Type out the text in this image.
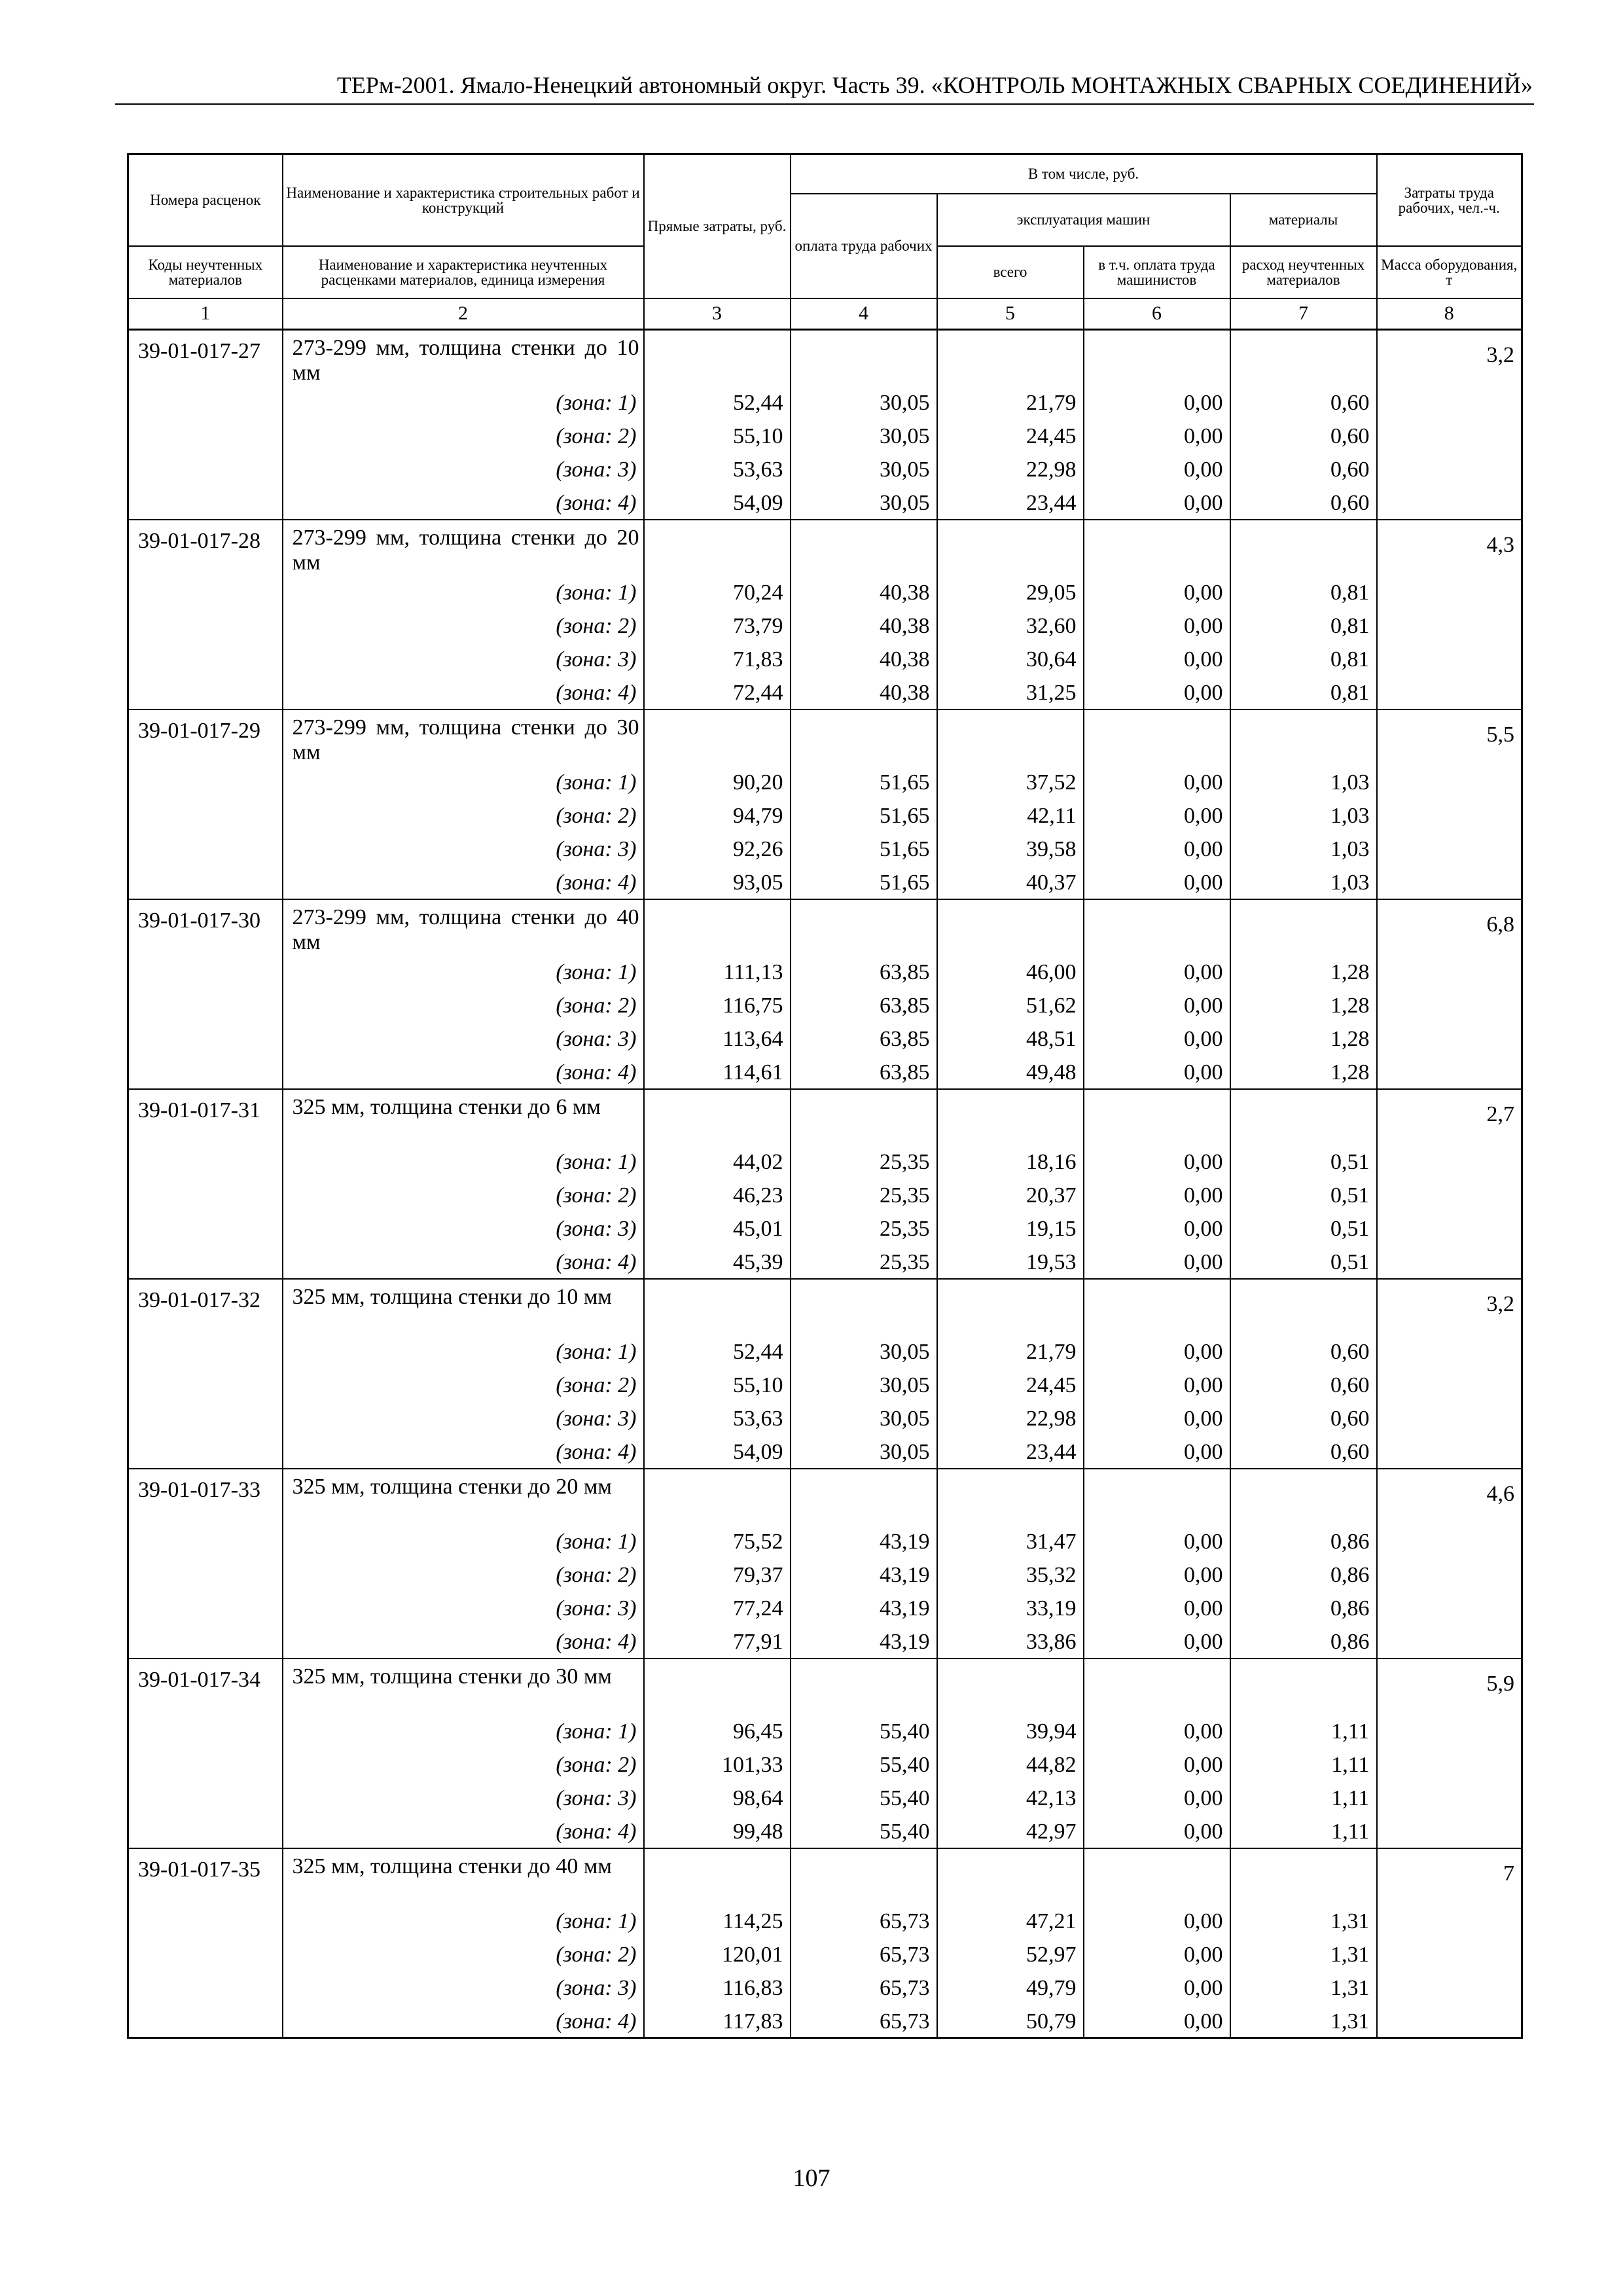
ТЕРм-2001. Ямало-Ненецкий автономный округ. Часть 39. «КОНТРОЛЬ МОНТАЖНЫХ СВАРНЫХ СОЕДИНЕНИЙ»
Номера расценок	Наименование и характеристика строительных работ и конструкций	Прямые затраты, руб.	В том числе, руб.				Затраты труда рабочих, чел.-ч.
			оплата труда рабочих	эксплуатация машин		материалы	
Коды неучтенных материалов	Наименование и характеристика неучтенных расценками материалов, единица измерения			всего	в т.ч. оплата труда машинистов	расход неучтенных материалов	Масса оборудования, т
1	2	3	4	5	6	7	8
39-01-017-27	273-299 мм, толщина стенки до 10 мм						3,2
	(зона: 1)	52,44	30,05	21,79	0,00	0,60	
	(зона: 2)	55,10	30,05	24,45	0,00	0,60	
	(зона: 3)	53,63	30,05	22,98	0,00	0,60	
	(зона: 4)	54,09	30,05	23,44	0,00	0,60	
39-01-017-28	273-299 мм, толщина стенки до 20 мм						4,3
	(зона: 1)	70,24	40,38	29,05	0,00	0,81	
	(зона: 2)	73,79	40,38	32,60	0,00	0,81	
	(зона: 3)	71,83	40,38	30,64	0,00	0,81	
	(зона: 4)	72,44	40,38	31,25	0,00	0,81	
39-01-017-29	273-299 мм, толщина стенки до 30 мм						5,5
	(зона: 1)	90,20	51,65	37,52	0,00	1,03	
	(зона: 2)	94,79	51,65	42,11	0,00	1,03	
	(зона: 3)	92,26	51,65	39,58	0,00	1,03	
	(зона: 4)	93,05	51,65	40,37	0,00	1,03	
39-01-017-30	273-299 мм, толщина стенки до 40 мм						6,8
	(зона: 1)	111,13	63,85	46,00	0,00	1,28	
	(зона: 2)	116,75	63,85	51,62	0,00	1,28	
	(зона: 3)	113,64	63,85	48,51	0,00	1,28	
	(зона: 4)	114,61	63,85	49,48	0,00	1,28	
39-01-017-31	325 мм, толщина стенки до 6 мм						2,7
	(зона: 1)	44,02	25,35	18,16	0,00	0,51	
	(зона: 2)	46,23	25,35	20,37	0,00	0,51	
	(зона: 3)	45,01	25,35	19,15	0,00	0,51	
	(зона: 4)	45,39	25,35	19,53	0,00	0,51	
39-01-017-32	325 мм, толщина стенки до 10 мм						3,2
	(зона: 1)	52,44	30,05	21,79	0,00	0,60	
	(зона: 2)	55,10	30,05	24,45	0,00	0,60	
	(зона: 3)	53,63	30,05	22,98	0,00	0,60	
	(зона: 4)	54,09	30,05	23,44	0,00	0,60	
39-01-017-33	325 мм, толщина стенки до 20 мм						4,6
	(зона: 1)	75,52	43,19	31,47	0,00	0,86	
	(зона: 2)	79,37	43,19	35,32	0,00	0,86	
	(зона: 3)	77,24	43,19	33,19	0,00	0,86	
	(зона: 4)	77,91	43,19	33,86	0,00	0,86	
39-01-017-34	325 мм, толщина стенки до 30 мм						5,9
	(зона: 1)	96,45	55,40	39,94	0,00	1,11	
	(зона: 2)	101,33	55,40	44,82	0,00	1,11	
	(зона: 3)	98,64	55,40	42,13	0,00	1,11	
	(зона: 4)	99,48	55,40	42,97	0,00	1,11	
39-01-017-35	325 мм, толщина стенки до 40 мм						7
	(зона: 1)	114,25	65,73	47,21	0,00	1,31	
	(зона: 2)	120,01	65,73	52,97	0,00	1,31	
	(зона: 3)	116,83	65,73	49,79	0,00	1,31	
	(зона: 4)	117,83	65,73	50,79	0,00	1,31	
107
